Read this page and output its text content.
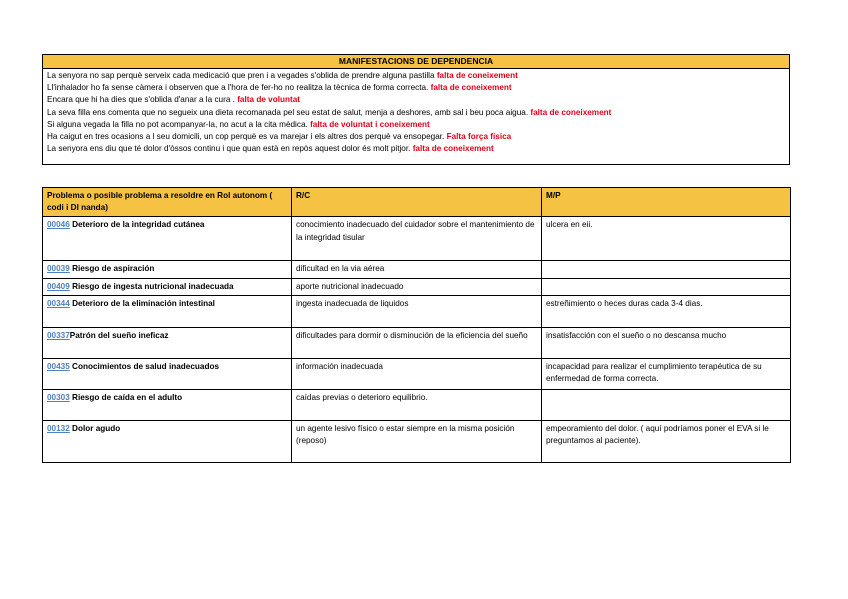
MANIFESTACIONS DE DEPENDENCIA
La senyora no sap perquè serveix cada medicació que pren i a vegades s'oblida de prendre alguna pastilla falta de coneixement
Ll'inhalador ho fa sense càmera i observen que a l'hora de fer-ho no realitza la tècnica de forma correcta. falta de coneixement
Encara que hi ha dies que s'oblida d'anar a la cura . falta de voluntat
La seva filla ens comenta que no segueix una dieta recomanada pel seu estat de salut, menja a deshores, amb sal i beu poca aigua. falta de coneixement
Si alguna vegada la filla no pot acompanyar-la, no acut a la cita mèdica. falta de voluntat i coneixement
Ha caigut en tres ocasions a l seu domicili, un cop perquè es va marejar i els altres dos perquè va ensopegar. Falta força física
La senyora ens diu que té dolor d'òssos continu i que quan està en repòs aquest dolor és molt pitjor. falta de coneixement
Problema o posible problema a resoldre en Rol autonom ( codi i DI nanda)	R/C	M/P
00046 Deterioro de la integridad cutánea	conocimiento inadecuado del cuidador sobre el mantenimiento de la integridad tisular	ulcera en eii.
00039 Riesgo de aspiración	dificultad en la via aérea	
00409 Riesgo de ingesta nutricional inadecuada	aporte nutricional inadecuado	
00344 Deterioro de la eliminación intestinal	ingesta inadecuada de liquidos	estreñimiento o heces duras cada 3-4 dias.
00337Patrón del sueño ineficaz	dificultades para dormir o disminución de la eficiencia del sueño	insatisfacción con el sueño o no descansa mucho
00435 Conocimientos de salud inadecuados	información inadecuada	incapacidad para realizar el cumplimiento terapéutica de su enfermedad de forma correcta.
00303 Riesgo de caída en el adulto	caídas previas o deterioro equilibrio.	
00132 Dolor agudo	un agente lesivo físico o estar siempre en la misma posición (reposo)	empeoramiento del dolor. ( aquí podríamos poner el EVA si le preguntamos al paciente).
